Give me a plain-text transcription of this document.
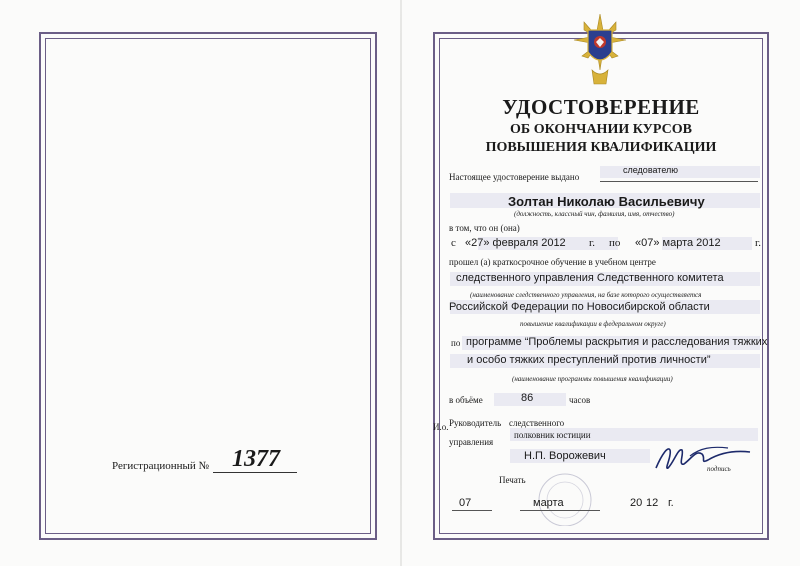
Регистрационный № 1377
УДОСТОВЕРЕНИЕ
ОБ ОКОНЧАНИИ КУРСОВ
ПОВЫШЕНИЯ КВАЛИФИКАЦИИ
следователю
Настоящее удостоверение выдано
Золтан Николаю Васильевичу
(должность, классный чин, фамилия, имя, отчество)
в том, что он (она)
с «27» февраля 2012 г. по «07» марта 2012	г.
прошел (а) краткосрочное обучение в учебном центре
следственного управления Следственного комитета
(наименование следственного управления, на базе которого осуществляется
Российской Федерации по Новосибирской области
повышение квалификации в федеральном округе)
по программе “Проблемы раскрытия и расследования тяжких
и особо тяжких преступлений против личности”
(наименование программы повышения квалификации)
в объёме	86	часов
И.о. Руководитель
управления
следственного
полковник юстиции
Н.П. Ворожевич
подпись
Печать
07	марта	20 12 г.
